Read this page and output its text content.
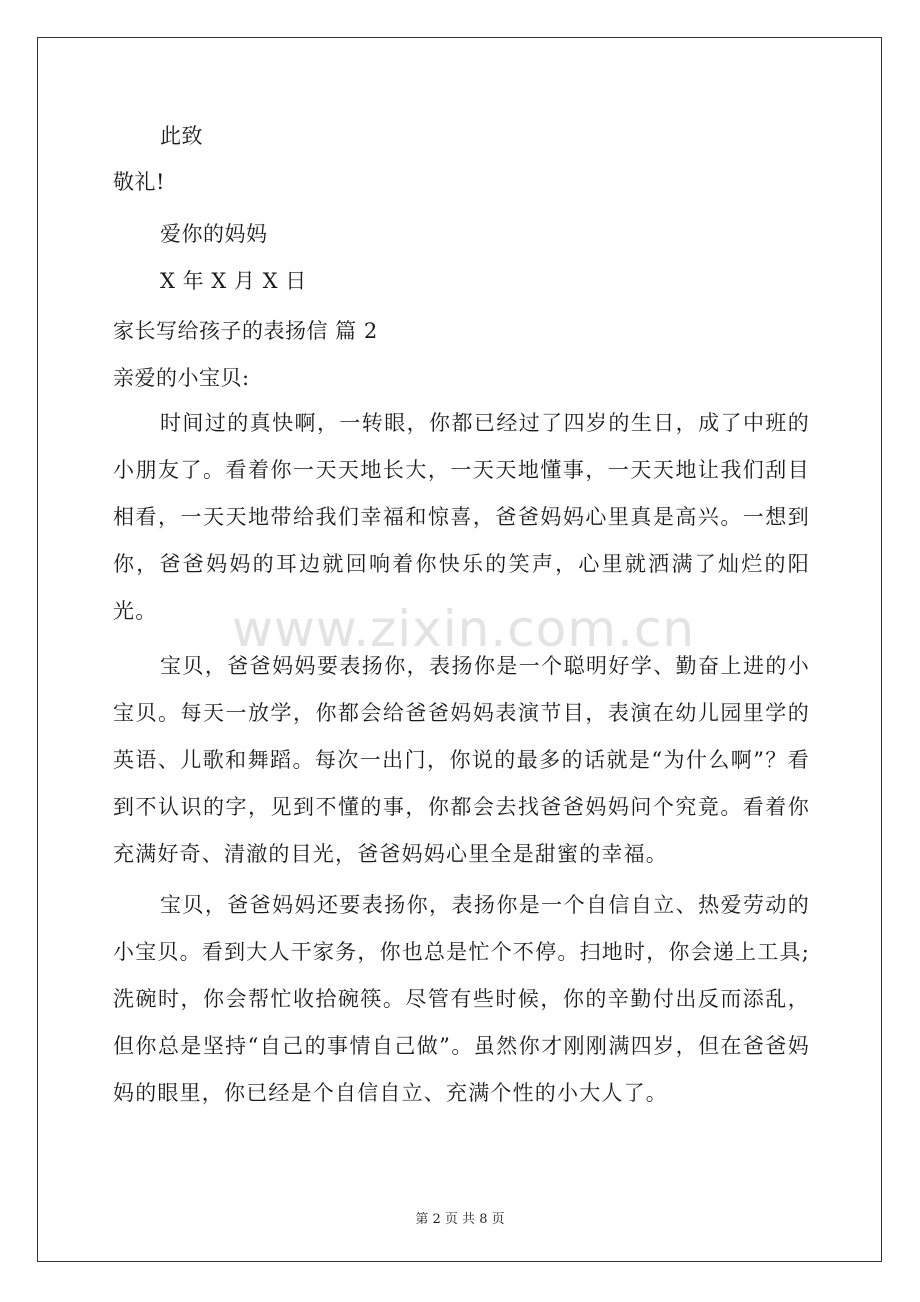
此致
敬礼!
爱你的妈妈
X 年 X 月 X 日
家长写给孩子的表扬信 篇 2
亲爱的小宝贝:
时间过的真快啊，一转眼，你都已经过了四岁的生日，成了中班的小朋友了。看着你一天天地长大，一天天地懂事，一天天地让我们刮目相看，一天天地带给我们幸福和惊喜，爸爸妈妈心里真是高兴。一想到你，爸爸妈妈的耳边就回响着你快乐的笑声，心里就洒满了灿烂的阳光。
宝贝，爸爸妈妈要表扬你，表扬你是一个聪明好学、勤奋上进的小宝贝。每天一放学，你都会给爸爸妈妈表演节目，表演在幼儿园里学的英语、儿歌和舞蹈。每次一出门，你说的最多的话就是“为什么啊”？看到不认识的字，见到不懂的事，你都会去找爸爸妈妈问个究竟。看着你充满好奇、清澈的目光，爸爸妈妈心里全是甜蜜的幸福。
宝贝，爸爸妈妈还要表扬你，表扬你是一个自信自立、热爱劳动的小宝贝。看到大人干家务，你也总是忙个不停。扫地时，你会递上工具;洗碗时，你会帮忙收拾碗筷。尽管有些时候，你的辛勤付出反而添乱，但你总是坚持“自己的事情自己做”。虽然你才刚刚满四岁，但在爸爸妈妈的眼里，你已经是个自信自立、充满个性的小大人了。
www.zixin.com.cn
第 2 页 共 8 页
